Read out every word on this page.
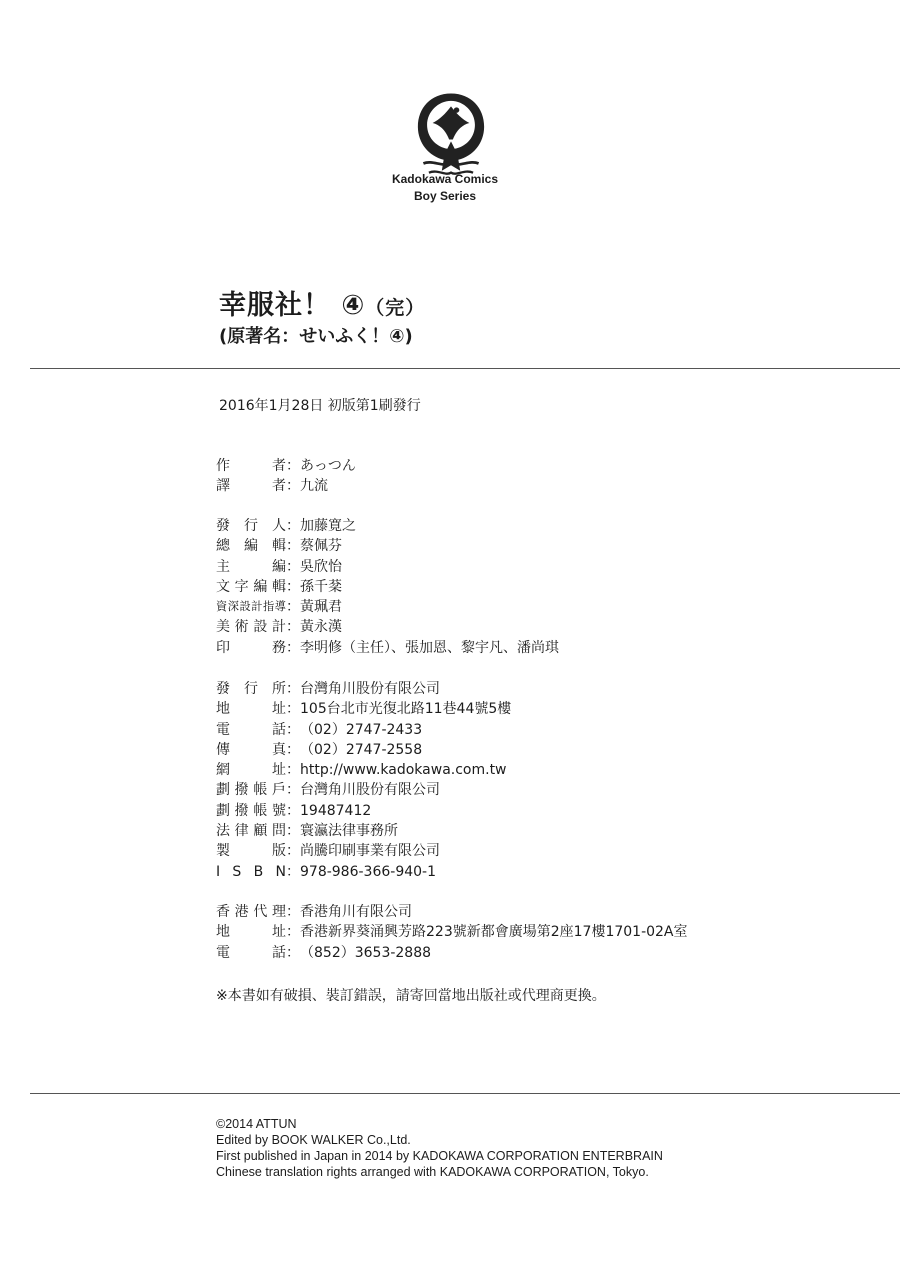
Kadokawa Comics
Boy Series
幸服社！ ④（完）
(原著名：せいふく！④)
2016年1月28日 初版第1刷發行
作	者 ： あっつん
譯	者 ： 九流
發 行 人 ： 加藤寛之
總 編 輯 ： 蔡佩芬
主	編 ： 吳欣怡
文 字 編 輯 ： 孫千棻
資 深 設 計 指 導 ： 黃珮君
美 術 設 計 ： 黃永漢
印	務 ： 李明修（主任）、張加恩、黎宇凡、潘尚琪
發 行 所 ： 台灣角川股份有限公司
地	址 ： 105台北市光復北路11巷44號5樓
電	話 ： （02）2747-2433
傳	真 ： （02）2747-2558
網	址 ： http://www.kadokawa.com.tw
劃 撥 帳 戶 ： 台灣角川股份有限公司
劃 撥 帳 號 ： 19487412
法 律 顧 問 ： 寰瀛法律事務所
製	版 ： 尚騰印刷事業有限公司
I S B N ： 978-986-366-940-1
香 港 代 理 ： 香港角川有限公司
地	址 ： 香港新界葵涌興芳路223號新都會廣場第2座17樓1701-02A室
電	話 ： （852）3653-2888
※本書如有破損、裝訂錯誤，請寄回當地出版社或代理商更換。
©2014 ATTUN
Edited by BOOK WALKER Co.,Ltd.
First published in Japan in 2014 by KADOKAWA CORPORATION ENTERBRAIN
Chinese translation rights arranged with KADOKAWA CORPORATION, Tokyo.
